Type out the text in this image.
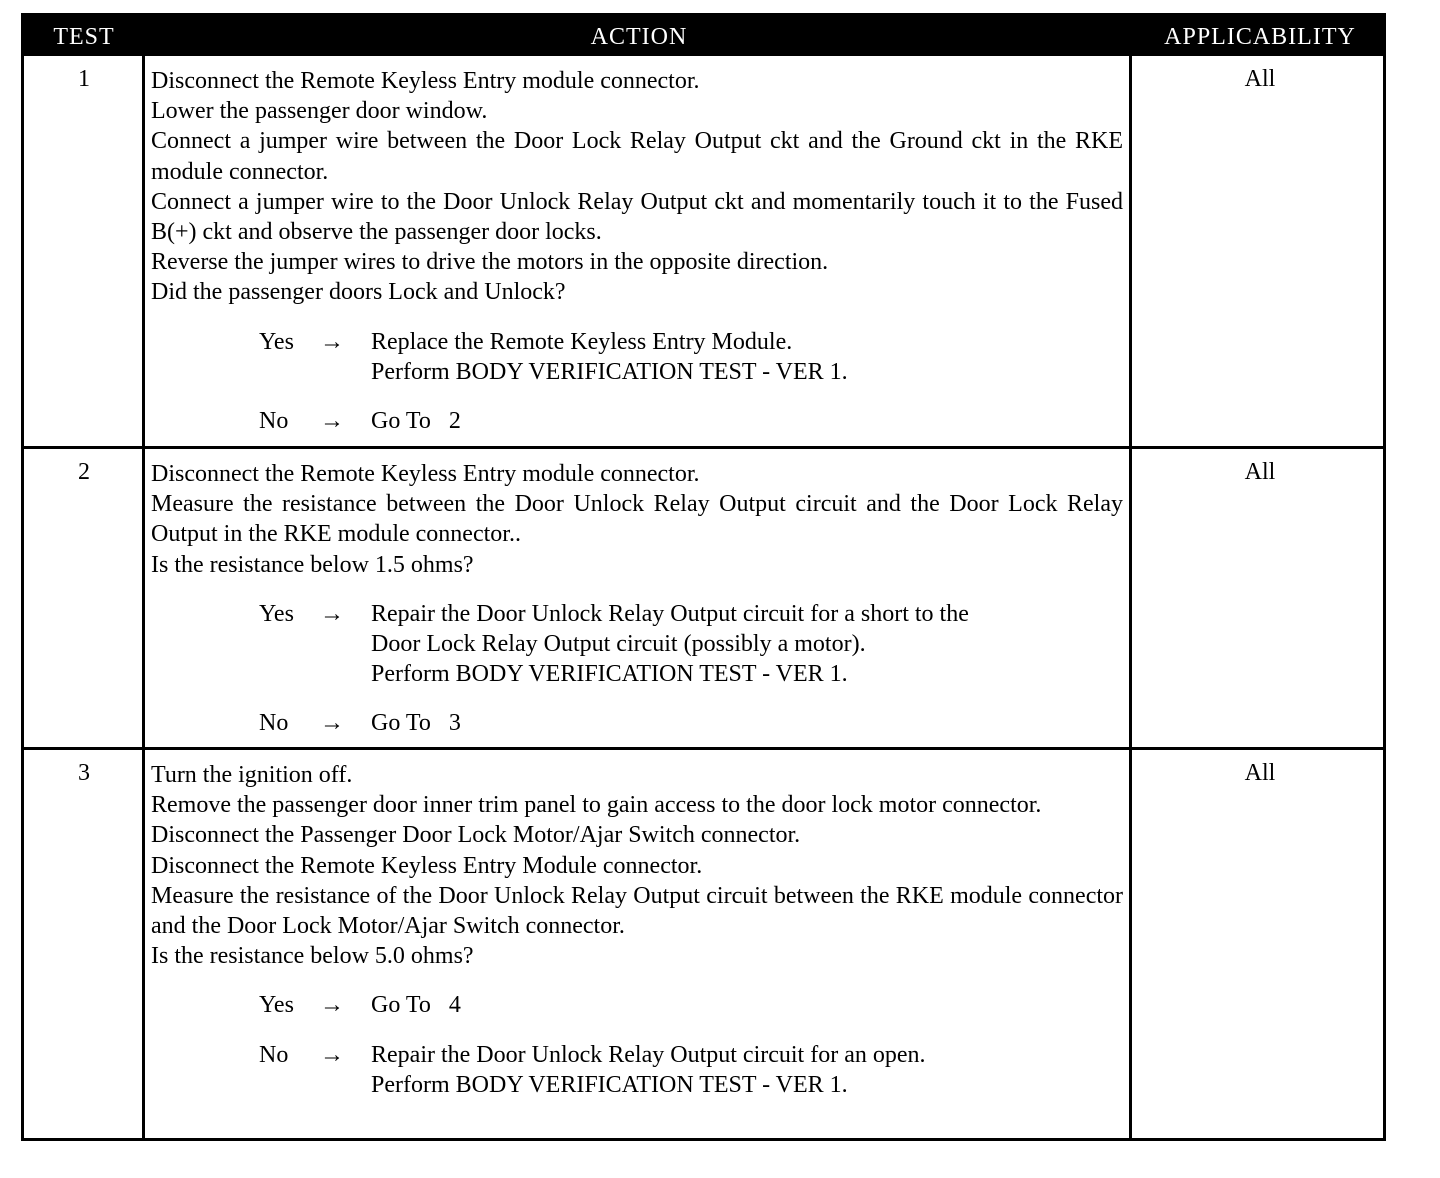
TEST	ACTION	APPLICABILITY
1	Disconnect the Remote Keyless Entry module connector.
Lower the passenger door window.
Connect a jumper wire between the Door Lock Relay Output ckt and the Ground ckt in the RKE module connector.
Connect a jumper wire to the Door Unlock Relay Output ckt and momentarily touch it to the Fused B(+) ckt and observe the passenger door locks.
Reverse the jumper wires to drive the motors in the opposite direction.
Did the passenger doors Lock and Unlock?
Yes → Replace the Remote Keyless Entry Module.
Perform BODY VERIFICATION TEST - VER 1.
No → Go To   2
All
2	Disconnect the Remote Keyless Entry module connector.
Measure the resistance between the Door Unlock Relay Output circuit and the Door Lock Relay Output in the RKE module connector..
Is the resistance below 1.5 ohms?
Yes → Repair the Door Unlock Relay Output circuit for a short to the
Door Lock Relay Output circuit (possibly a motor).
Perform BODY VERIFICATION TEST - VER 1.
No → Go To   3
All
3	Turn the ignition off.
Remove the passenger door inner trim panel to gain access to the door lock motor connector.
Disconnect the Passenger Door Lock Motor/Ajar Switch connector.
Disconnect the Remote Keyless Entry Module connector.
Measure the resistance of the Door Unlock Relay Output circuit between the RKE module connector and the Door Lock Motor/Ajar Switch connector.
Is the resistance below 5.0 ohms?
Yes → Go To   4
No → Repair the Door Unlock Relay Output circuit for an open.
Perform BODY VERIFICATION TEST - VER 1.
All
